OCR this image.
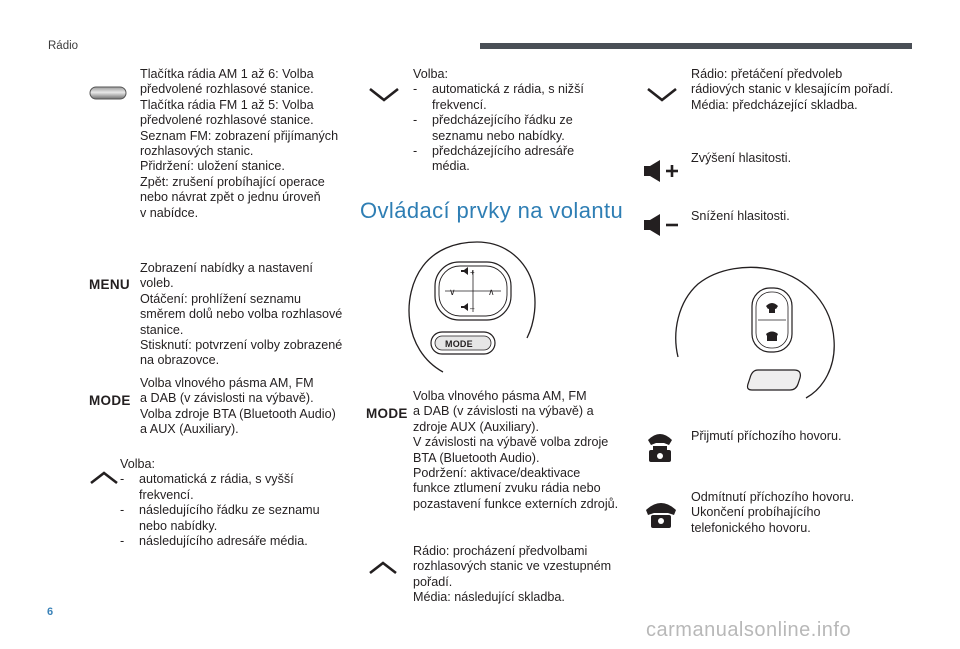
Rádio

Tlačítka rádia AM 1 až 6: Volba

předvolené rozhlasové stanice.

Tlačítka rádia FM 1 až 5: Volba

předvolené rozhlasové stanice.

Seznam FM: zobrazení přijímaných

rozhlasových stanic.

Přidržení: uložení stanice.

Zpět: zrušení probíhající operace

nebo návrat zpět o jednu úroveň

v nabídce.

MENU

Zobrazení nabídky a nastavení

voleb.

Otáčení: prohlížení seznamu

směrem dolů nebo volba rozhlasové

stanice.

Stisknutí: potvrzení volby zobrazené

na obrazovce.

MODE

Volba vlnového pásma AM, FM

a DAB (v závislosti na výbavě).

Volba zdroje BTA (Bluetooth Audio)

a AUX (Auxiliary).

Volba:

-	automatická z rádia, s vyšší

frekvencí.

-	následujícího řádku ze seznamu

nebo nabídky.

-	následujícího adresáře média.

Volba:

-	automatická z rádia, s nižší

frekvencí.

-	předcházejícího řádku ze

seznamu nebo nabídky.

-	předcházejícího adresáře

média.

Ovládací prvky na volantu
+
–
∨	∧
MODE
MODE

Volba vlnového pásma AM, FM

a DAB (v závislosti na výbavě) a

zdroje AUX (Auxiliary).

V závislosti na výbavě volba zdroje

BTA (Bluetooth Audio).

Podržení: aktivace/deaktivace

funkce ztlumení zvuku rádia nebo

pozastavení funkce externích zdrojů.

Rádio: procházení předvolbami

rozhlasových stanic ve vzestupném

pořadí.

Média: následující skladba.

Rádio: přetáčení předvoleb

rádiových stanic v klesajícím pořadí.

Média: předcházející skladba.

Zvýšení hlasitosti.
Snížení hlasitosti.
Přijmutí příchozího hovoru.

Odmítnutí příchozího hovoru.

Ukončení probíhajícího

telefonického hovoru.

6
carmanualsonline.info
